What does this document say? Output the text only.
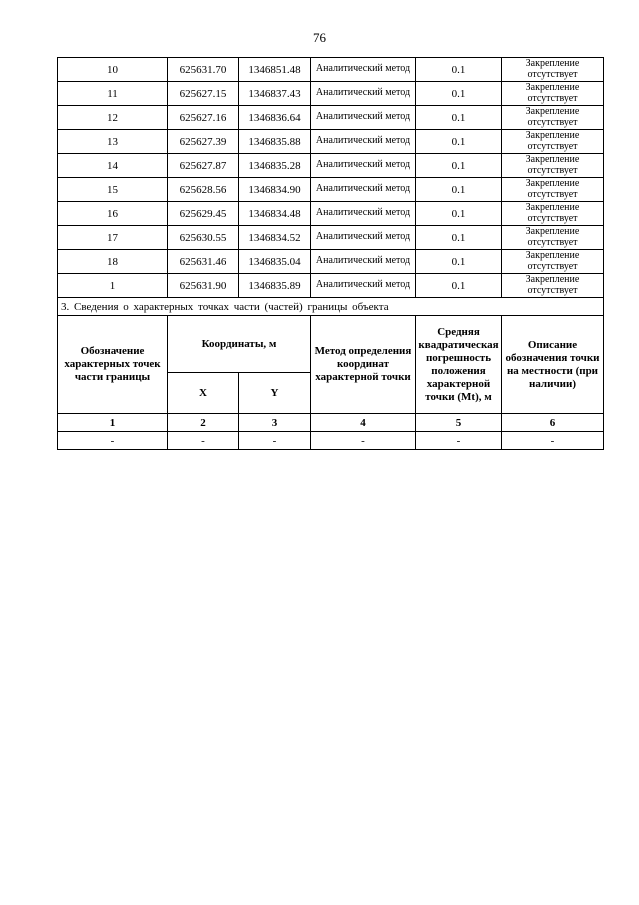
76
10	625631.70	1346851.48	Аналитический метод	0.1	Закрепление отсутствует
11	625627.15	1346837.43	Аналитический метод	0.1	Закрепление отсутствует
12	625627.16	1346836.64	Аналитический метод	0.1	Закрепление отсутствует
13	625627.39	1346835.88	Аналитический метод	0.1	Закрепление отсутствует
14	625627.87	1346835.28	Аналитический метод	0.1	Закрепление отсутствует
15	625628.56	1346834.90	Аналитический метод	0.1	Закрепление отсутствует
16	625629.45	1346834.48	Аналитический метод	0.1	Закрепление отсутствует
17	625630.55	1346834.52	Аналитический метод	0.1	Закрепление отсутствует
18	625631.46	1346835.04	Аналитический метод	0.1	Закрепление отсутствует
1	625631.90	1346835.89	Аналитический метод	0.1	Закрепление отсутствует
3. Сведения о характерных точках части (частей) границы объекта					
Обозначение характерных точек части границы	Координаты, м		Метод определения координат характерной точки	Средняя квадратическая погрешность положения характерной точки (Mt), м	Описание обозначения точки на местности (при наличии)
	X	Y			
1	2	3	4	5	6
-	-	-	-	-	-
